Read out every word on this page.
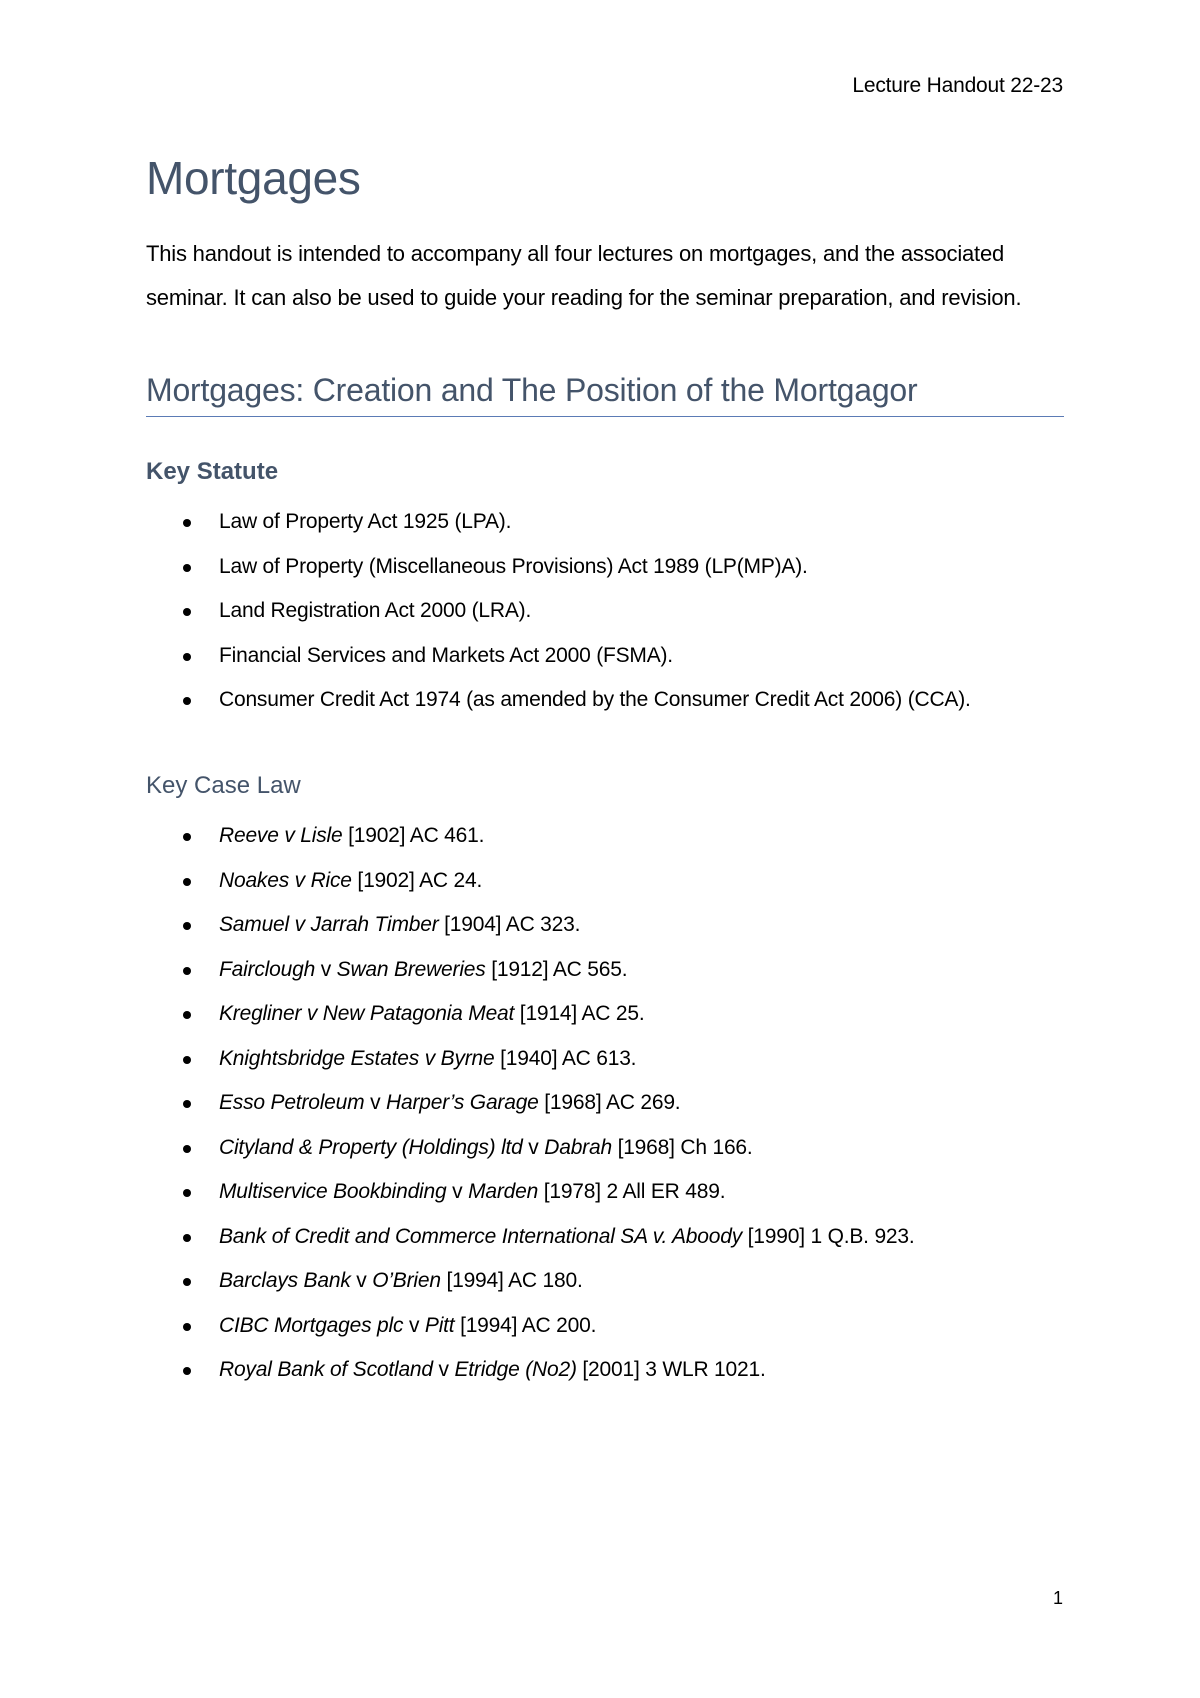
Lecture Handout 22-23
Mortgages

This handout is intended to accompany all four lectures on mortgages, and the associated seminar. It can also be used to guide your reading for the seminar preparation, and revision.

Mortgages: Creation and The Position of the Mortgagor
Key Statute
Law of Property Act 1925 (LPA).
Law of Property (Miscellaneous Provisions) Act 1989 (LP(MP)A).
Land Registration Act 2000 (LRA).
Financial Services and Markets Act 2000 (FSMA).
Consumer Credit Act 1974 (as amended by the Consumer Credit Act 2006) (CCA).
Key Case Law
Reeve v Lisle [1902] AC 461.
Noakes v Rice [1902] AC 24.
Samuel v Jarrah Timber [1904] AC 323.
Fairclough v Swan Breweries [1912] AC 565.
Kregliner v New Patagonia Meat [1914] AC 25.
Knightsbridge Estates v Byrne [1940] AC 613.
Esso Petroleum v Harper’s Garage [1968] AC 269.
Cityland & Property (Holdings) ltd v Dabrah [1968] Ch 166.
Multiservice Bookbinding v Marden [1978] 2 All ER 489.
Bank of Credit and Commerce International SA v. Aboody [1990] 1 Q.B. 923.
Barclays Bank v O’Brien [1994] AC 180.
CIBC Mortgages plc v Pitt [1994] AC 200.
Royal Bank of Scotland v Etridge (No2) [2001] 3 WLR 1021.
1
